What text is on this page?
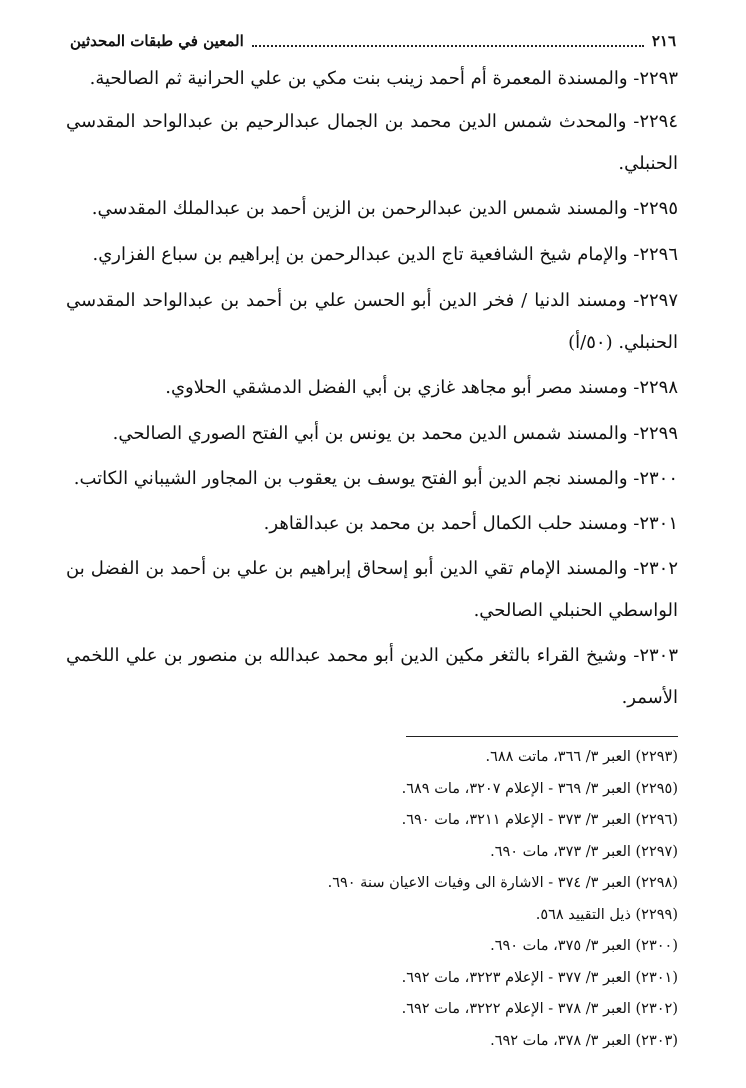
٢١٦
المعين في طبقات المحدثين

٢٢٩٣- والمسندة المعمرة أم أحمد زينب بنت مكي بن علي الحرانية ثم الصالحية.

٢٢٩٤- والمحدث شمس الدين محمد بن الجمال عبدالرحيم بن عبدالواحد المقدسي الحنبلي.

٢٢٩٥- والمسند شمس الدين عبدالرحمن بن الزين أحمد بن عبدالملك المقدسي.

٢٢٩٦- والإمام شيخ الشافعية تاج الدين عبدالرحمن بن إبراهيم بن سباع الفزاري.

٢٢٩٧- ومسند الدنيا / فخر الدين أبو الحسن علي بن أحمد بن عبدالواحد المقدسي الحنبلي. (٥٠/أ)

٢٢٩٨- ومسند مصر أبو مجاهد غازي بن أبي الفضل الدمشقي الحلاوي.

٢٢٩٩- والمسند شمس الدين محمد بن يونس بن أبي الفتح الصوري الصالحي.

٢٣٠٠- والمسند نجم الدين أبو الفتح يوسف بن يعقوب بن المجاور الشيباني الكاتب.

٢٣٠١- ومسند حلب الكمال أحمد بن محمد بن عبدالقاهر.

٢٣٠٢- والمسند الإمام تقي الدين أبو إسحاق إبراهيم بن علي بن أحمد بن الفضل بن الواسطي الحنبلي الصالحي.

٢٣٠٣- وشيخ القراء بالثغر مكين الدين أبو محمد عبدالله بن منصور بن علي اللخمي الأسمر.

(٢٢٩٣) العبر ٣/ ٣٦٦، ماتت ٦٨٨.
(٢٢٩٥) العبر ٣/ ٣٦٩ - الإعلام ٣٢٠٧، مات ٦٨٩.
(٢٢٩٦) العبر ٣/ ٣٧٣ - الإعلام ٣٢١١، مات ٦٩٠.
(٢٢٩٧) العبر ٣/ ٣٧٣، مات ٦٩٠.
(٢٢٩٨) العبر ٣/ ٣٧٤ - الاشارة الى وفيات الاعيان سنة ٦٩٠.
(٢٢٩٩) ذيل التقييد ٥٦٨.
(٢٣٠٠) العبر ٣/ ٣٧٥، مات ٦٩٠.
(٢٣٠١) العبر ٣/ ٣٧٧ - الإعلام ٣٢٢٣، مات ٦٩٢.
(٢٣٠٢) العبر ٣/ ٣٧٨ - الإعلام ٣٢٢٢، مات ٦٩٢.
(٢٣٠٣) العبر ٣/ ٣٧٨، مات ٦٩٢.
